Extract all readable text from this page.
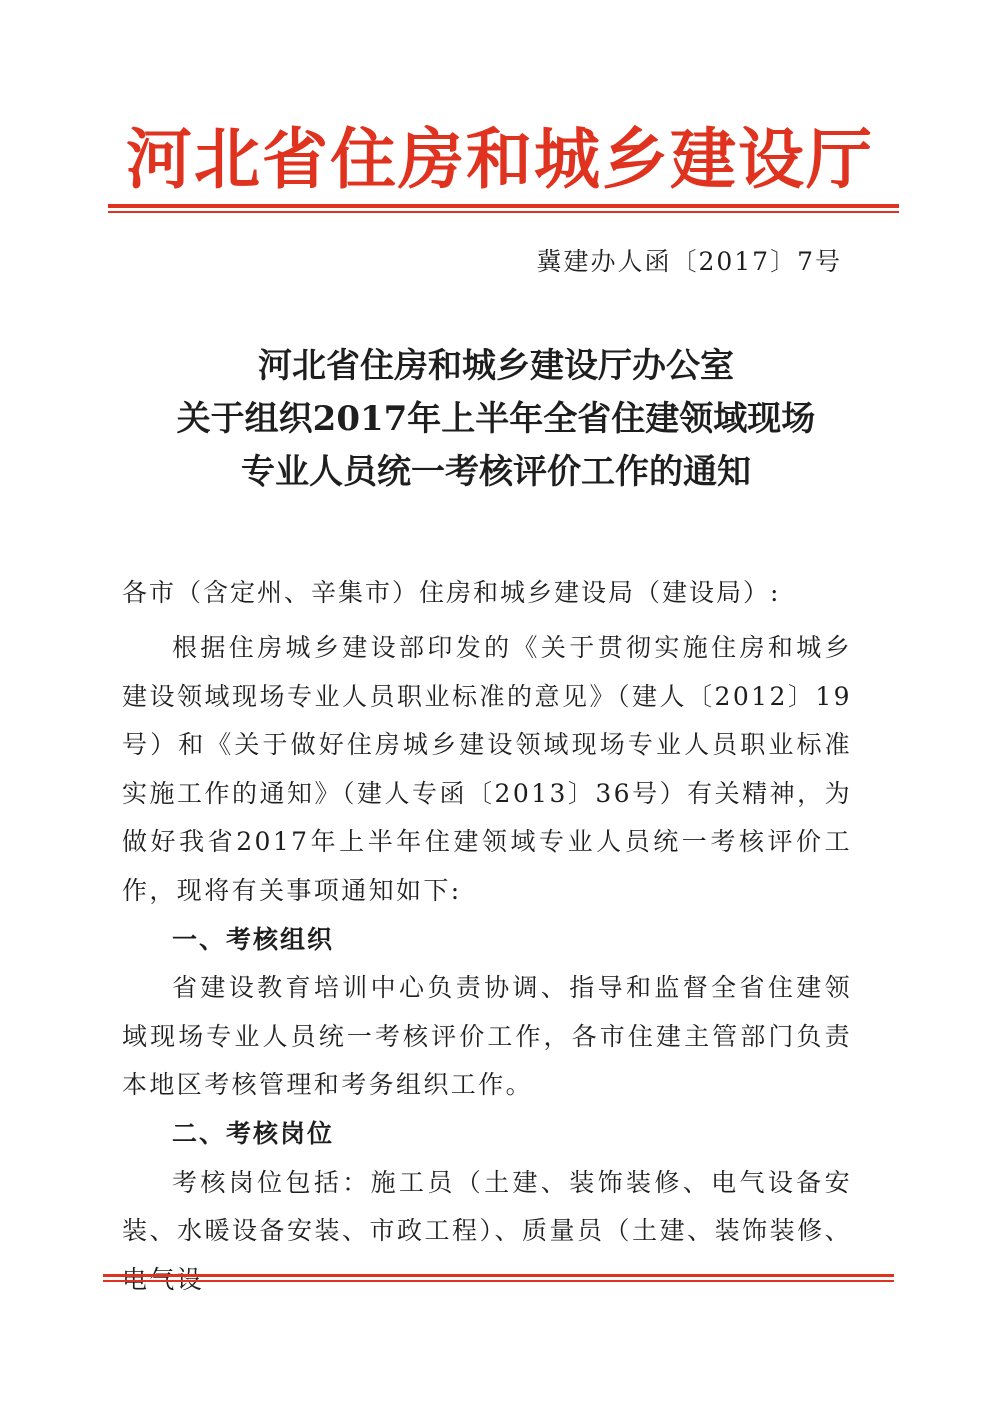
河北省住房和城乡建设厅
冀建办人函〔2017〕7号
河北省住房和城乡建设厅办公室
关于组织2017年上半年全省住建领域现场
专业人员统一考核评价工作的通知
各市（含定州、辛集市）住房和城乡建设局（建设局）:

根据住房城乡建设部印发的《关于贯彻实施住房和城乡建设领域现场专业人员职业标准的意见》（建人〔2012〕19号）和《关于做好住房城乡建设领域现场专业人员职业标准实施工作的通知》（建人专函〔2013〕36号）有关精神，为做好我省2017年上半年住建领域专业人员统一考核评价工作，现将有关事项通知如下:

一、考核组织

省建设教育培训中心负责协调、指导和监督全省住建领域现场专业人员统一考核评价工作，各市住建主管部门负责本地区考核管理和考务组织工作。

二、考核岗位

考核岗位包括：施工员（土建、装饰装修、电气设备安装、水暖设备安装、市政工程）、质量员（土建、装饰装修、
